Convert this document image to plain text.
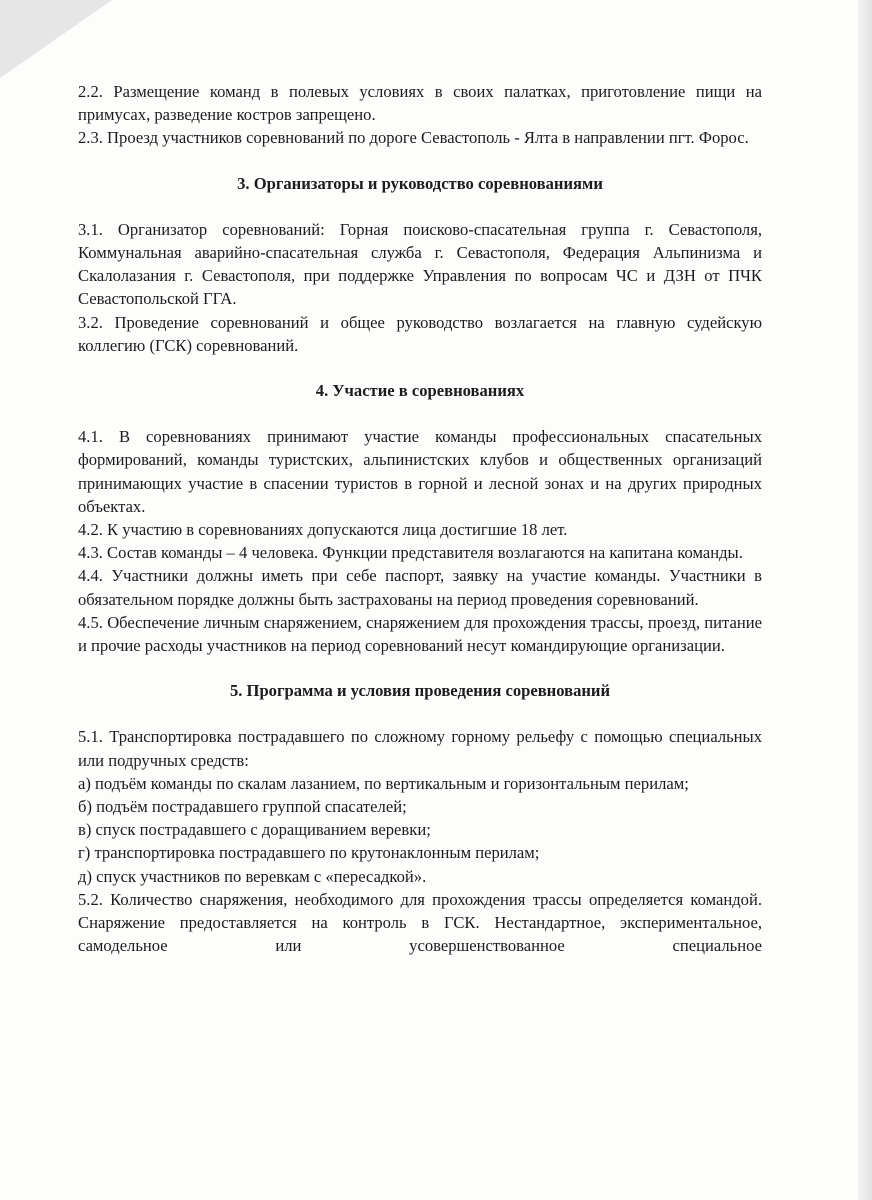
2.2. Размещение команд в полевых условиях в своих палатках, приготовление пищи на примусах, разведение костров запрещено.

2.3. Проезд участников соревнований по дороге Севастополь - Ялта в направлении пгт. Форос.

3. Организаторы и руководство соревнованиями

3.1. Организатор соревнований: Горная поисково-спасательная группа г. Севастополя, Коммунальная аварийно-спасательная служба г. Севастополя, Федерация Альпинизма и Скалолазания г. Севастополя, при поддержке Управления по вопросам ЧС и ДЗН от ПЧК Севастопольской ГГА.

3.2. Проведение соревнований и общее руководство возлагается на главную судейскую коллегию (ГСК) соревнований.

4. Участие в соревнованиях

4.1. В соревнованиях принимают участие команды профессиональных спасательных формирований, команды туристских, альпинистских клубов и общественных организаций принимающих участие в спасении туристов в горной и лесной зонах и на других природных объектах.

4.2. К участию в соревнованиях допускаются лица достигшие 18 лет.

4.3. Состав команды – 4 человека. Функции представителя возлагаются на капитана команды.

4.4. Участники должны иметь при себе паспорт, заявку на участие команды. Участники в обязательном порядке должны быть застрахованы на период проведения соревнований.

4.5. Обеспечение личным снаряжением, снаряжением для прохождения трассы, проезд, питание и прочие расходы участников на период соревнований несут командирующие организации.

5. Программа и условия проведения соревнований

5.1. Транспортировка пострадавшего по сложному горному рельефу с помощью специальных или подручных средств:

а) подъём команды по скалам лазанием, по вертикальным и горизонтальным перилам;

б) подъём пострадавшего группой спасателей;

в) спуск пострадавшего с доращиванием веревки;

г) транспортировка пострадавшего по крутонаклонным перилам;

д) спуск участников по веревкам с «пересадкой».

5.2. Количество снаряжения, необходимого для прохождения трассы определяется командой. Снаряжение предоставляется на контроль в ГСК. Нестандартное, экспериментальное, самодельное или усовершенствованное специальное
